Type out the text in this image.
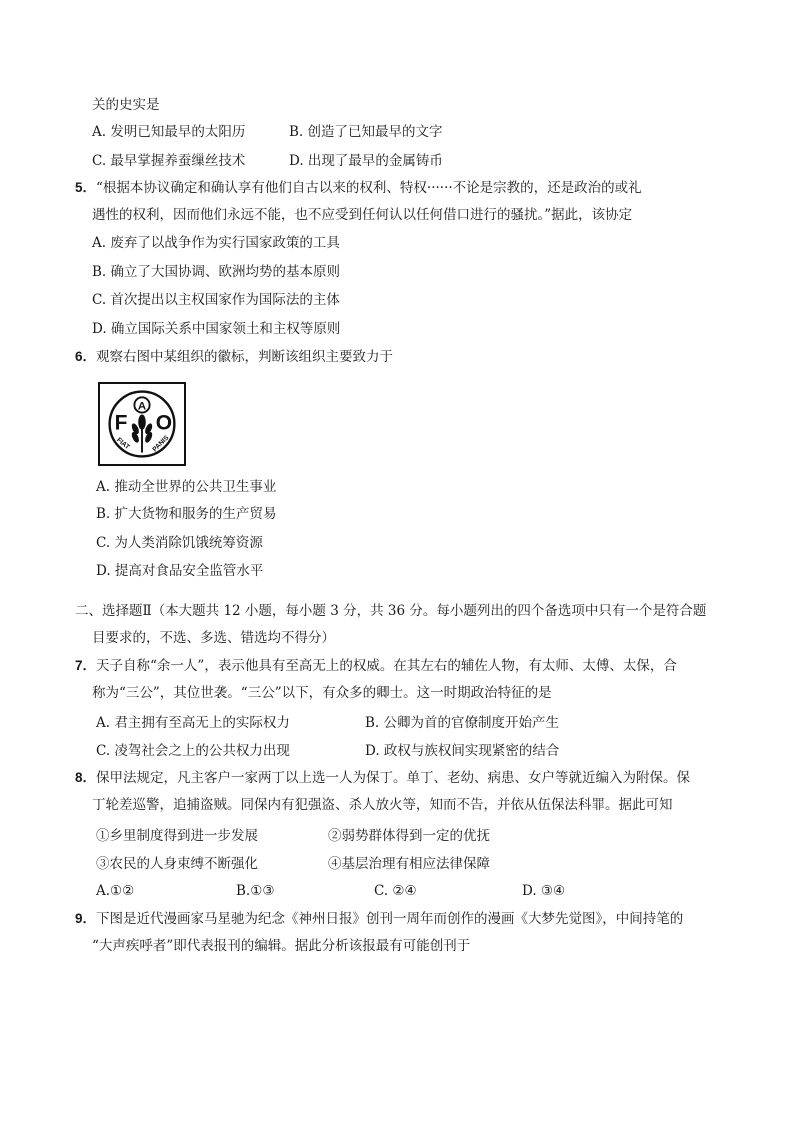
关的史实是
A. 发明已知最早的太阳历	B. 创造了已知最早的文字
C. 最早掌握养蚕缫丝技术	D. 出现了最早的金属铸币
5．“根据本协议确定和确认享有他们自古以来的权利、特权······不论是宗教的，还是政治的或礼
遇性的权利，因而他们永远不能，也不应受到任何认以任何借口进行的骚扰。”据此，该协定
A. 废弃了以战争作为实行国家政策的工具
B. 确立了大国协调、欧洲均势的基本原则
C. 首次提出以主权国家作为国际法的主体
D. 确立国际关系中国家领土和主权等原则
6．观察右图中某组织的徽标，判断该组织主要致力于
A
F O
FIAT	PANIS
A. 推动全世界的公共卫生事业
B. 扩大货物和服务的生产贸易
C. 为人类消除饥饿统筹资源
D. 提高对食品安全监管水平
二、选择题Ⅱ（本大题共 12 小题，每小题 3 分，共 36 分。每小题列出的四个备选项中只有一个是符合题
目要求的，不选、多选、错选均不得分）
7．天子自称“余一人”，表示他具有至高无上的权威。在其左右的辅佐人物，有太师、太傅、太保，合
称为“三公”，其位世袭。“三公”以下，有众多的卿士。这一时期政治特征的是
A. 君主拥有至高无上的实际权力	B. 公卿为首的官僚制度开始产生
C. 凌驾社会之上的公共权力出现	D. 政权与族权间实现紧密的结合
8．保甲法规定，凡主客户一家两丁以上选一人为保丁。单丁、老幼、病患、女户等就近编入为附保。保
丁轮差巡警，追捕盗贼。同保内有犯强盗、杀人放火等，知而不告，并依从伍保法科罪。据此可知
①乡里制度得到进一步发展	②弱势群体得到一定的优抚
③农民的人身束缚不断强化	④基层治理有相应法律保障
A.①②	B.①③	C. ②④	D. ③④
9．下图是近代漫画家马星驰为纪念《神州日报》创刊一周年而创作的漫画《大梦先觉图》，中间持笔的
“大声疾呼者”即代表报刊的编辑。据此分析该报最有可能创刊于
